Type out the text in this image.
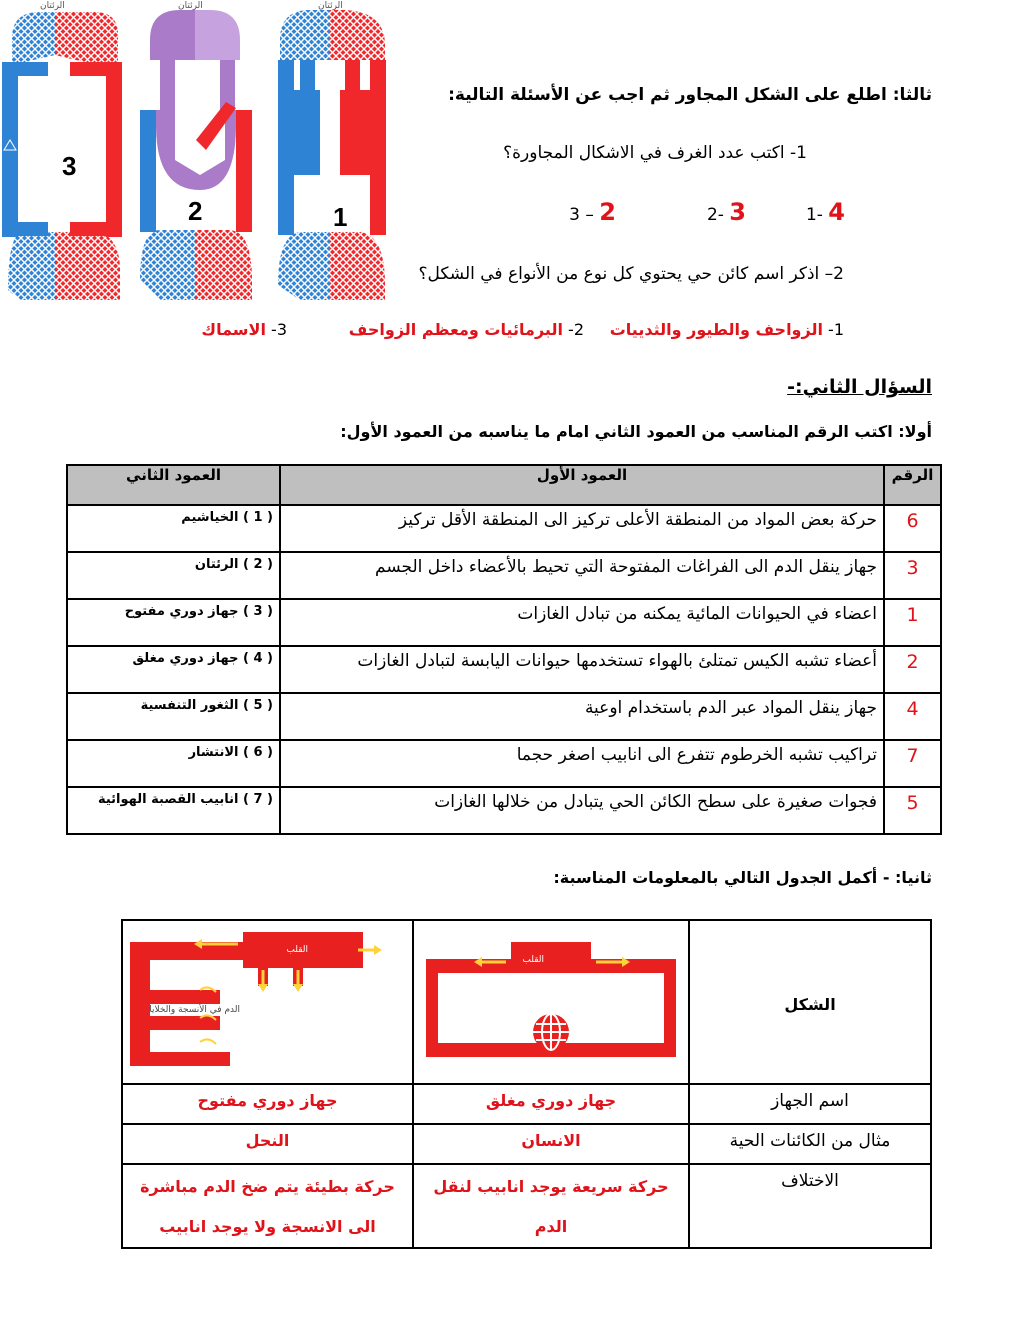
الرئتان	الرئتان	الرئتان
1
2
3
ثالثا: اطلع على الشكل المجاور ثم اجب عن الأسئلة التالية:
1- اكتب عدد الغرف في الاشكال المجاورة؟
1- 4
2- 3
3 – 2
2– اذكر اسم كائن حي يحتوي كل نوع من الأنواع في الشكل؟
1- الزواحف والطيور والثدييات
2- البرمائيات ومعظم الزواحف
3- الاسماك
السؤال الثاني:-
أولا: اكتب الرقم المناسب من العمود الثاني امام ما يناسبه من العمود الأول:
الرقم	العمود الأول	العمود الثاني
6	حركة بعض المواد من المنطقة الأعلى تركيز الى المنطقة الأقل تركيز	( 1 ) الخياشيم
3	جهاز ينقل الدم الى الفراغات المفتوحة التي تحيط بالأعضاء داخل الجسم	( 2 ) الرئتان
1	اعضاء في الحيوانات المائية يمكنه من تبادل الغازات	( 3 ) جهاز دوري مفتوح
2	أعضاء تشبه الكيس تمتلئ بالهواء تستخدمها حيوانات اليابسة لتبادل الغازات	( 4 ) جهاز دوري مغلق
4	جهاز ينقل المواد عبر الدم باستخدام اوعية	( 5 ) الثغور التنفسية
7	تراكيب تشبه الخرطوم تتفرع الى انابيب اصغر حجما	( 6 ) الانتشار
5	فجوات صغيرة على سطح الكائن الحي يتبادل من خلالها الغازات	( 7 ) انابيب القصبة الهوائية
ثانيا: - أكمل الجدول التالي بالمعلومات المناسبة:
الشكل	القلب	القلب
الدم في الأنسجة والخلايا

اسم الجهاز	جهاز دوري مغلق	جهاز دوري مفتوح
مثال من الكائنات الحية	الانسان	النحل
الاختلاف	حركة سريعة يوجد انابيب لنقل الدم	حركة بطيئة يتم ضخ الدم مباشرة الى الانسجة ولا يوجد انابيب
